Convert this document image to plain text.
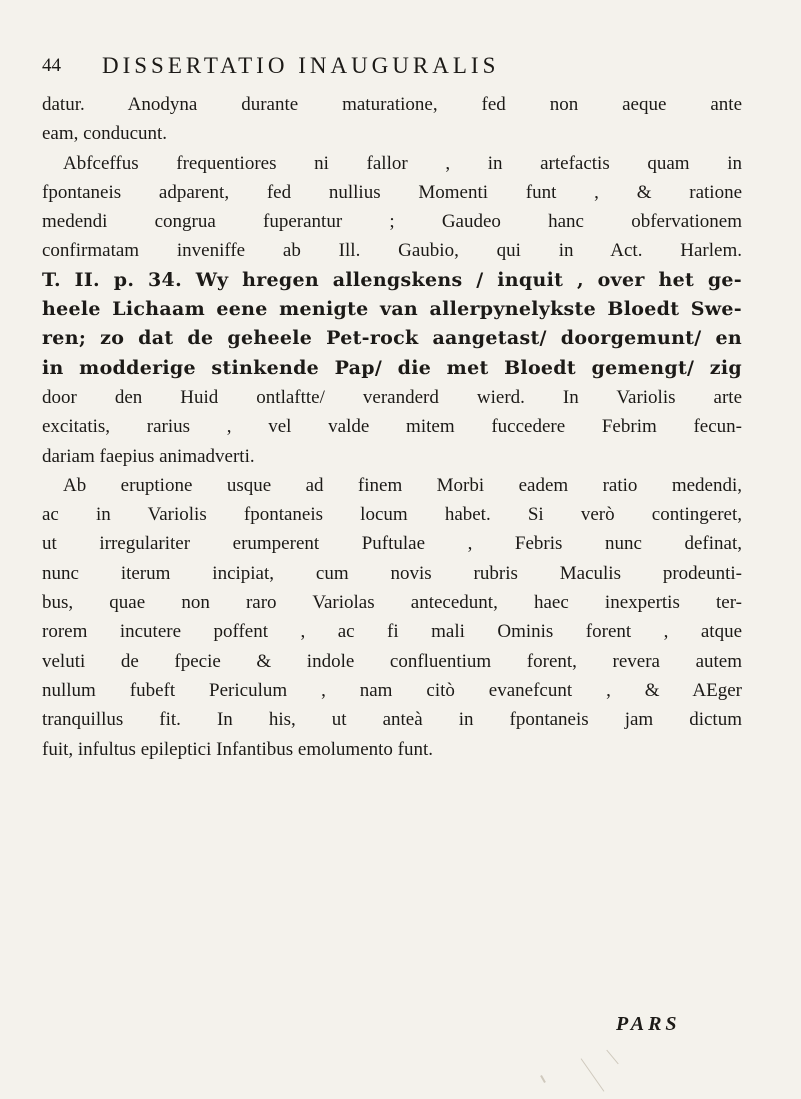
44 DISSERTATIO INAUGURALIS
datur. Anodyna durante maturatione, fed non aeque ante
eam, conducunt.
Abfceffus frequentiores ni fallor , in artefactis quam in
fpontaneis adparent, fed nullius Momenti funt , & ratione
medendi congrua fuperantur ; Gaudeo hanc obfervationem
confirmatam inveniffe ab Ill. Gaubio, qui in Act. Harlem.
T. II. p. 34. Wy hregen allengskens / inquit , over het ge-
heele Lichaam eene menigte van allerpynelykste Bloedt Swe-
ren; zo dat de geheele Pet-rock aangetast/ doorgemunt/ en
in modderige stinkende Pap/ die met Bloedt gemengt/ zig
door den Huid ontlaftte/ veranderd wierd. In Variolis arte
excitatis, rarius , vel valde mitem fuccedere Febrim fecun-
dariam faepius animadverti.
Ab eruptione usque ad finem Morbi eadem ratio medendi,
ac in Variolis fpontaneis locum habet. Si verò contingeret,
ut irregulariter erumperent Puftulae , Febris nunc definat,
nunc iterum incipiat, cum novis rubris Maculis prodeunti-
bus, quae non raro Variolas antecedunt, haec inexpertis ter-
rorem incutere poffent , ac fi mali Ominis forent , atque
veluti de fpecie & indole confluentium forent, revera autem
nullum fubeft Periculum , nam citò evanefcunt , & AEger
tranquillus fit. In his, ut anteà in fpontaneis jam dictum
fuit, infultus epileptici Infantibus emolumento funt.
PARS
